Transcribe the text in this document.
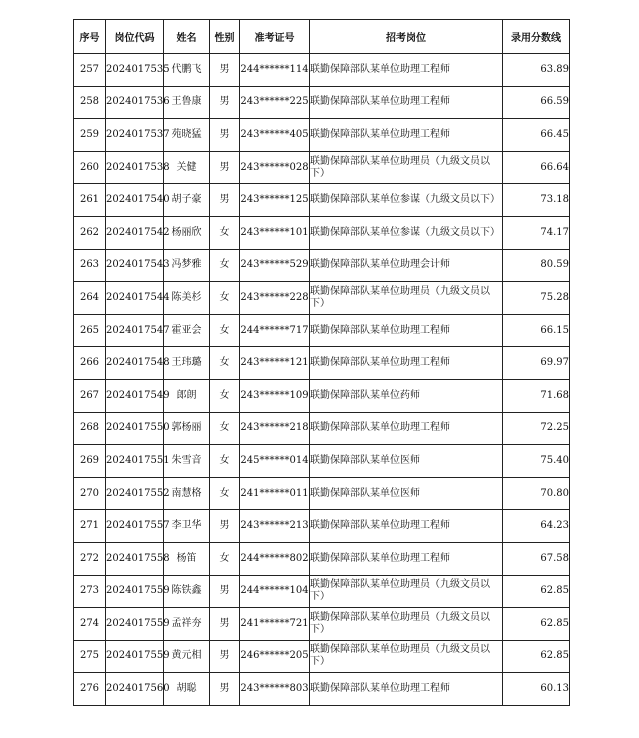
序号	岗位代码	姓名	性别	准考证号	招考岗位	录用分数线
257	2024017535	代鹏飞	男	244******114	联勤保障部队某单位助理工程师	63.89
258	2024017536	王鲁康	男	243******225	联勤保障部队某单位助理工程师	66.59
259	2024017537	苑晓猛	男	243******405	联勤保障部队某单位助理工程师	66.45
260	2024017538	关健	男	243******028	联勤保障部队某单位助理员（九级文员以下）	66.64
261	2024017540	胡子豪	男	243******125	联勤保障部队某单位参谋（九级文员以下）	73.18
262	2024017542	杨丽欣	女	243******101	联勤保障部队某单位参谋（九级文员以下）	74.17
263	2024017543	冯梦雅	女	243******529	联勤保障部队某单位助理会计师	80.59
264	2024017544	陈美杉	女	243******228	联勤保障部队某单位助理员（九级文员以下）	75.28
265	2024017547	霍亚会	女	244******717	联勤保障部队某单位助理工程师	66.15
266	2024017548	王玮璐	女	243******121	联勤保障部队某单位助理工程师	69.97
267	2024017549	郎朗	女	243******109	联勤保障部队某单位药师	71.68
268	2024017550	郭杨丽	女	243******218	联勤保障部队某单位助理工程师	72.25
269	2024017551	朱雪音	女	245******014	联勤保障部队某单位医师	75.40
270	2024017552	南慧格	女	241******011	联勤保障部队某单位医师	70.80
271	2024017557	李卫华	男	243******213	联勤保障部队某单位助理工程师	64.23
272	2024017558	杨笛	女	244******802	联勤保障部队某单位助理工程师	67.58
273	2024017559	陈铁鑫	男	244******104	联勤保障部队某单位助理员（九级文员以下）	62.85
274	2024017559	孟祥夯	男	241******721	联勤保障部队某单位助理员（九级文员以下）	62.85
275	2024017559	黄元相	男	246******205	联勤保障部队某单位助理员（九级文员以下）	62.85
276	2024017560	胡聪	男	243******803	联勤保障部队某单位助理工程师	60.13
